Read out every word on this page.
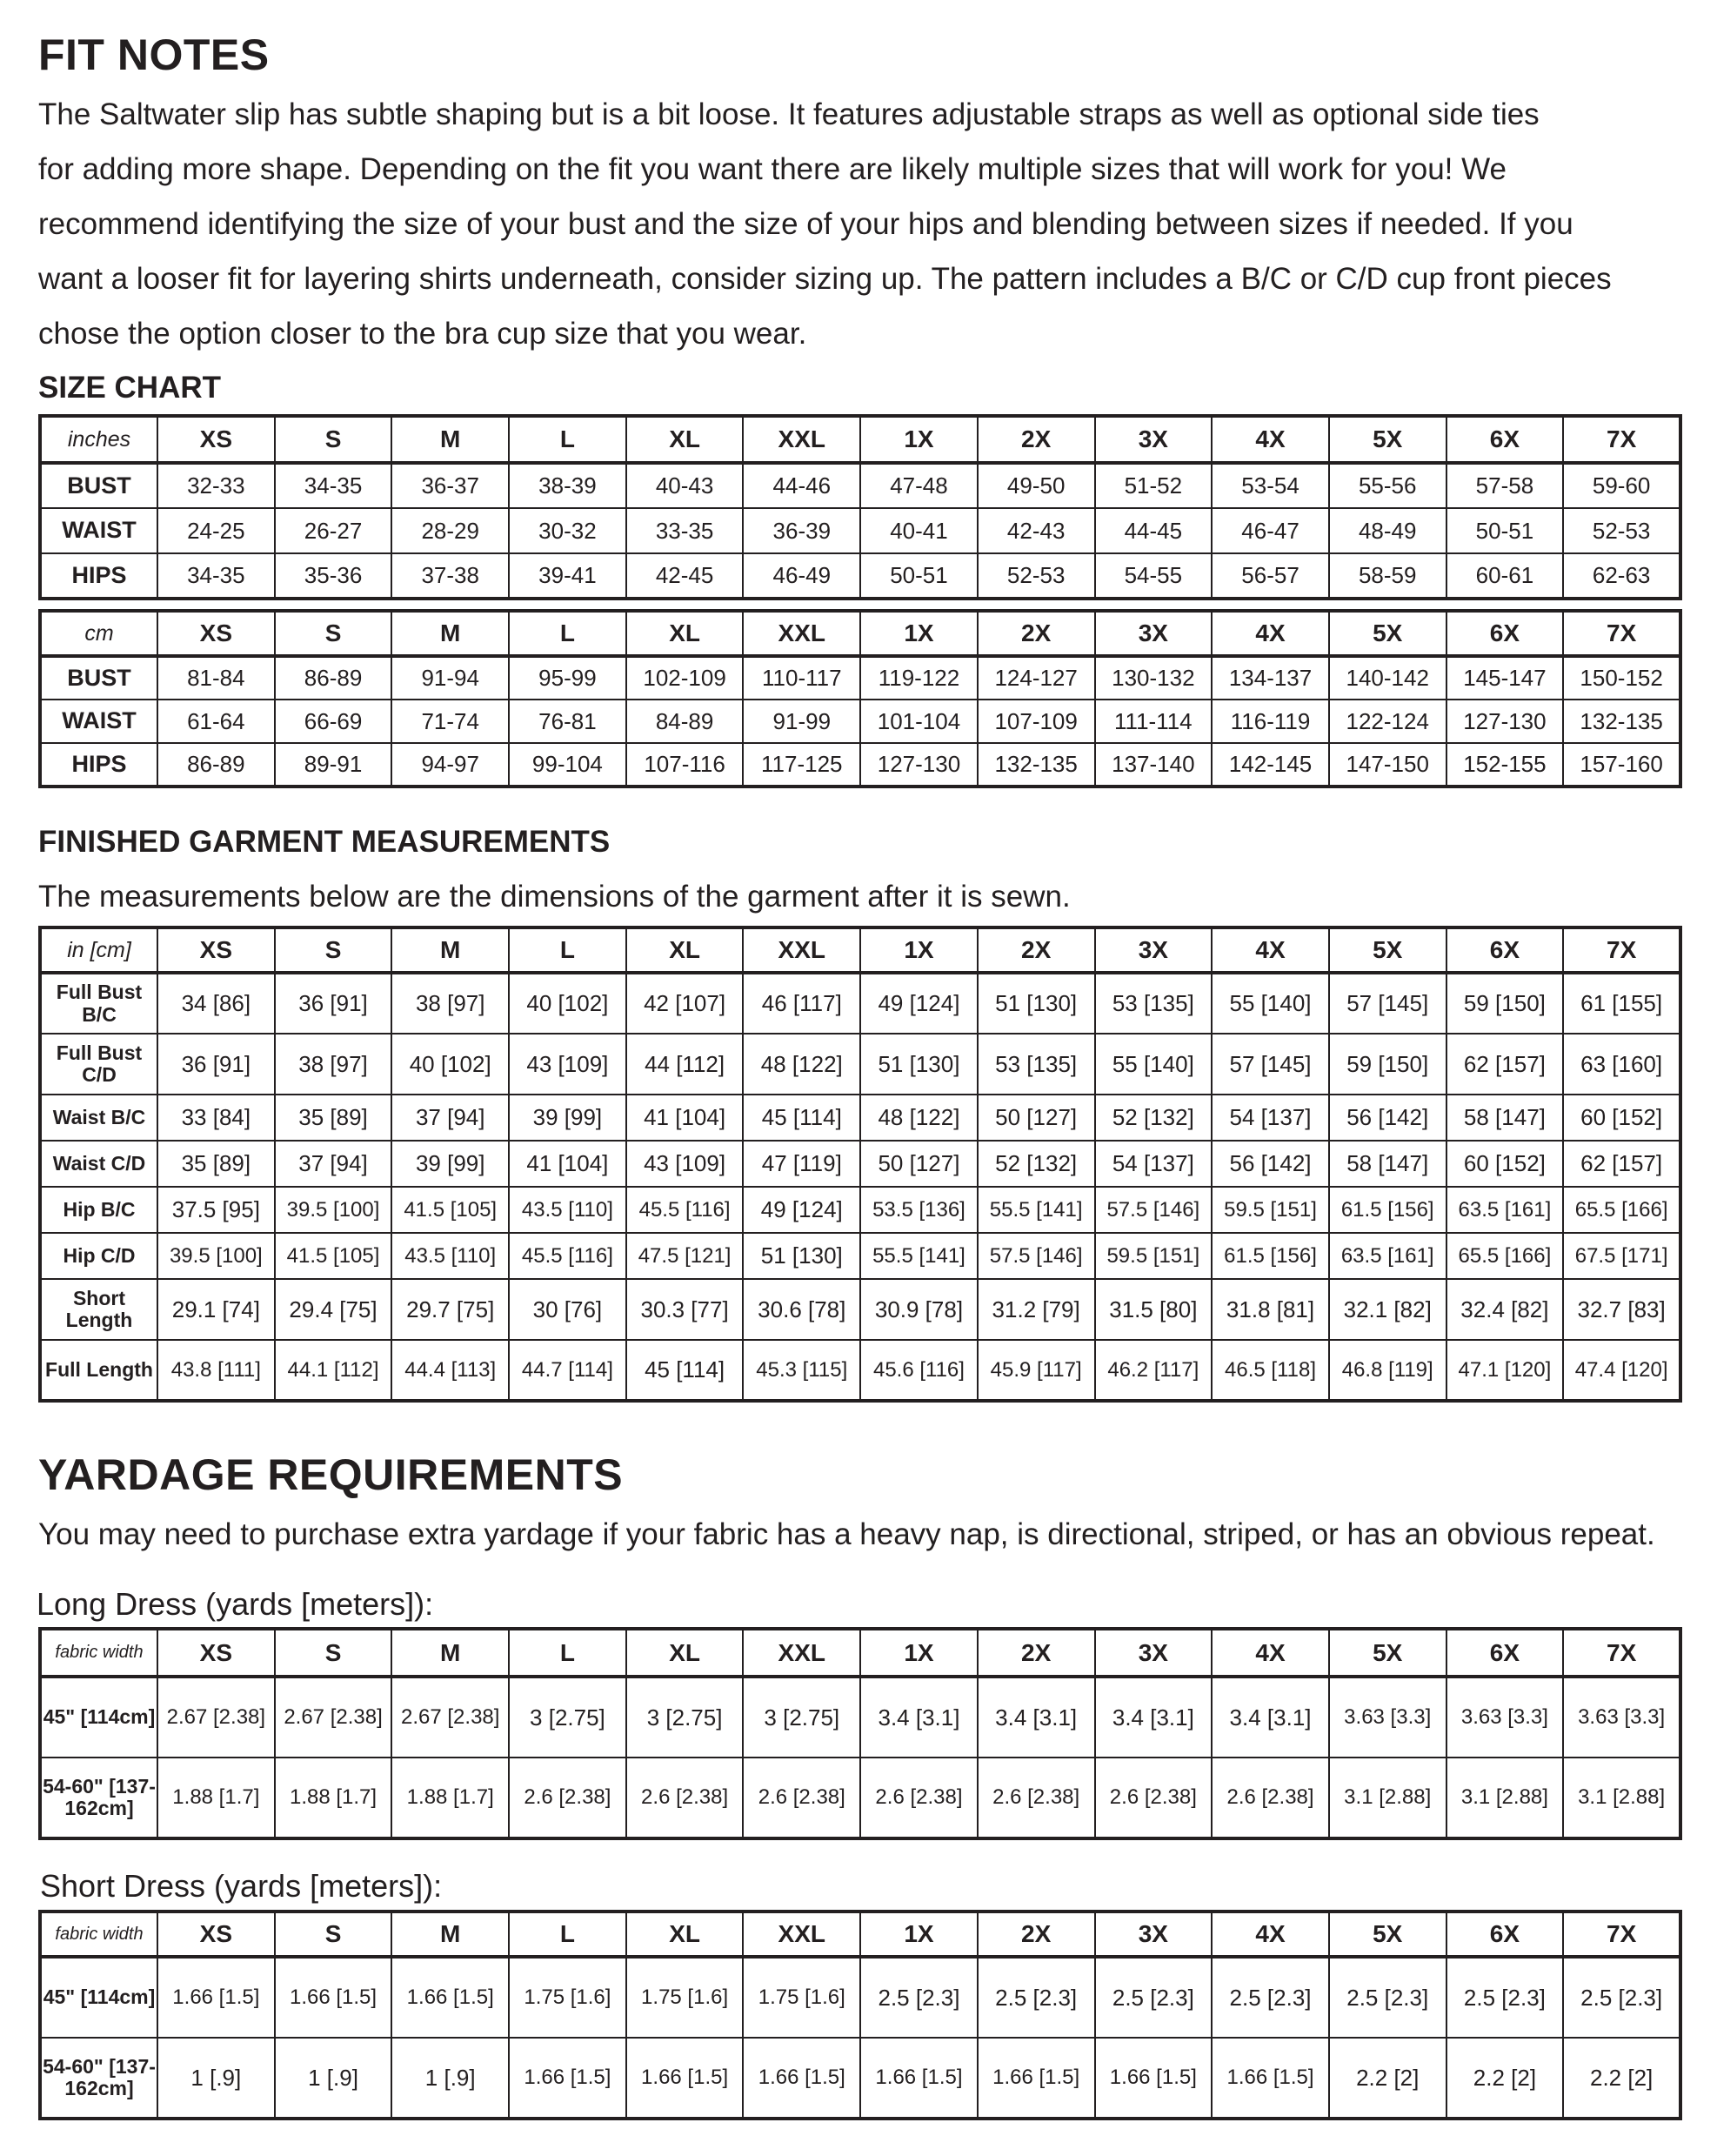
FIT NOTES
The Saltwater slip has subtle shaping but is a bit loose. It features adjustable straps as well as optional side ties
for adding more shape. Depending on the fit you want there are likely multiple sizes that will work for you! We
recommend identifying the size of your bust and the size of your hips and blending between sizes if needed. If you
want a looser fit for layering shirts underneath, consider sizing up. The pattern includes a B/C or C/D cup front pieces
chose the option closer to the bra cup size that you wear.
SIZE CHART
inches	XS	S	M	L	XL	XXL	1X	2X	3X	4X	5X	6X	7X
BUST	32-33	34-35	36-37	38-39	40-43	44-46	47-48	49-50	51-52	53-54	55-56	57-58	59-60
WAIST	24-25	26-27	28-29	30-32	33-35	36-39	40-41	42-43	44-45	46-47	48-49	50-51	52-53
HIPS	34-35	35-36	37-38	39-41	42-45	46-49	50-51	52-53	54-55	56-57	58-59	60-61	62-63
cm	XS	S	M	L	XL	XXL	1X	2X	3X	4X	5X	6X	7X
BUST	81-84	86-89	91-94	95-99	102-109	110-117	119-122	124-127	130-132	134-137	140-142	145-147	150-152
WAIST	61-64	66-69	71-74	76-81	84-89	91-99	101-104	107-109	111-114	116-119	122-124	127-130	132-135
HIPS	86-89	89-91	94-97	99-104	107-116	117-125	127-130	132-135	137-140	142-145	147-150	152-155	157-160
FINISHED GARMENT MEASUREMENTS
The measurements below are the dimensions of the garment after it is sewn.
in [cm]	XS	S	M	L	XL	XXL	1X	2X	3X	4X	5X	6X	7X
Full Bust B/C	34 [86]	36 [91]	38 [97]	40 [102]	42 [107]	46 [117]	49 [124]	51 [130]	53 [135]	55 [140]	57 [145]	59 [150]	61 [155]
Full Bust C/D	36 [91]	38 [97]	40 [102]	43 [109]	44 [112]	48 [122]	51 [130]	53 [135]	55 [140]	57 [145]	59 [150]	62 [157]	63 [160]
Waist B/C	33 [84]	35 [89]	37 [94]	39 [99]	41 [104]	45 [114]	48 [122]	50 [127]	52 [132]	54 [137]	56 [142]	58 [147]	60 [152]
Waist C/D	35 [89]	37 [94]	39 [99]	41 [104]	43 [109]	47 [119]	50 [127]	52 [132]	54 [137]	56 [142]	58 [147]	60 [152]	62 [157]
Hip B/C	37.5 [95]	39.5 [100]	41.5 [105]	43.5 [110]	45.5 [116]	49 [124]	53.5 [136]	55.5 [141]	57.5 [146]	59.5 [151]	61.5 [156]	63.5 [161]	65.5 [166]
Hip C/D	39.5 [100]	41.5 [105]	43.5 [110]	45.5 [116]	47.5 [121]	51 [130]	55.5 [141]	57.5 [146]	59.5 [151]	61.5 [156]	63.5 [161]	65.5 [166]	67.5 [171]
Short Length	29.1 [74]	29.4 [75]	29.7 [75]	30 [76]	30.3 [77]	30.6 [78]	30.9 [78]	31.2 [79]	31.5 [80]	31.8 [81]	32.1 [82]	32.4 [82]	32.7 [83]
Full Length	43.8 [111]	44.1 [112]	44.4 [113]	44.7 [114]	45 [114]	45.3 [115]	45.6 [116]	45.9 [117]	46.2 [117]	46.5 [118]	46.8 [119]	47.1 [120]	47.4 [120]
YARDAGE REQUIREMENTS
You may need to purchase extra yardage if your fabric has a heavy nap, is directional, striped, or has an obvious repeat.
Long Dress (yards [meters]):
fabric width	XS	S	M	L	XL	XXL	1X	2X	3X	4X	5X	6X	7X
45" [114cm]	2.67 [2.38]	2.67 [2.38]	2.67 [2.38]	3 [2.75]	3 [2.75]	3 [2.75]	3.4 [3.1]	3.4 [3.1]	3.4 [3.1]	3.4 [3.1]	3.63 [3.3]	3.63 [3.3]	3.63 [3.3]
54-60" [137-162cm]	1.88 [1.7]	1.88 [1.7]	1.88 [1.7]	2.6 [2.38]	2.6 [2.38]	2.6 [2.38]	2.6 [2.38]	2.6 [2.38]	2.6 [2.38]	2.6 [2.38]	3.1 [2.88]	3.1 [2.88]	3.1 [2.88]
Short Dress (yards [meters]):
fabric width	XS	S	M	L	XL	XXL	1X	2X	3X	4X	5X	6X	7X
45" [114cm]	1.66 [1.5]	1.66 [1.5]	1.66 [1.5]	1.75 [1.6]	1.75 [1.6]	1.75 [1.6]	2.5 [2.3]	2.5 [2.3]	2.5 [2.3]	2.5 [2.3]	2.5 [2.3]	2.5 [2.3]	2.5 [2.3]
54-60" [137-162cm]	1 [.9]	1 [.9]	1 [.9]	1.66 [1.5]	1.66 [1.5]	1.66 [1.5]	1.66 [1.5]	1.66 [1.5]	1.66 [1.5]	1.66 [1.5]	2.2 [2]	2.2 [2]	2.2 [2]
